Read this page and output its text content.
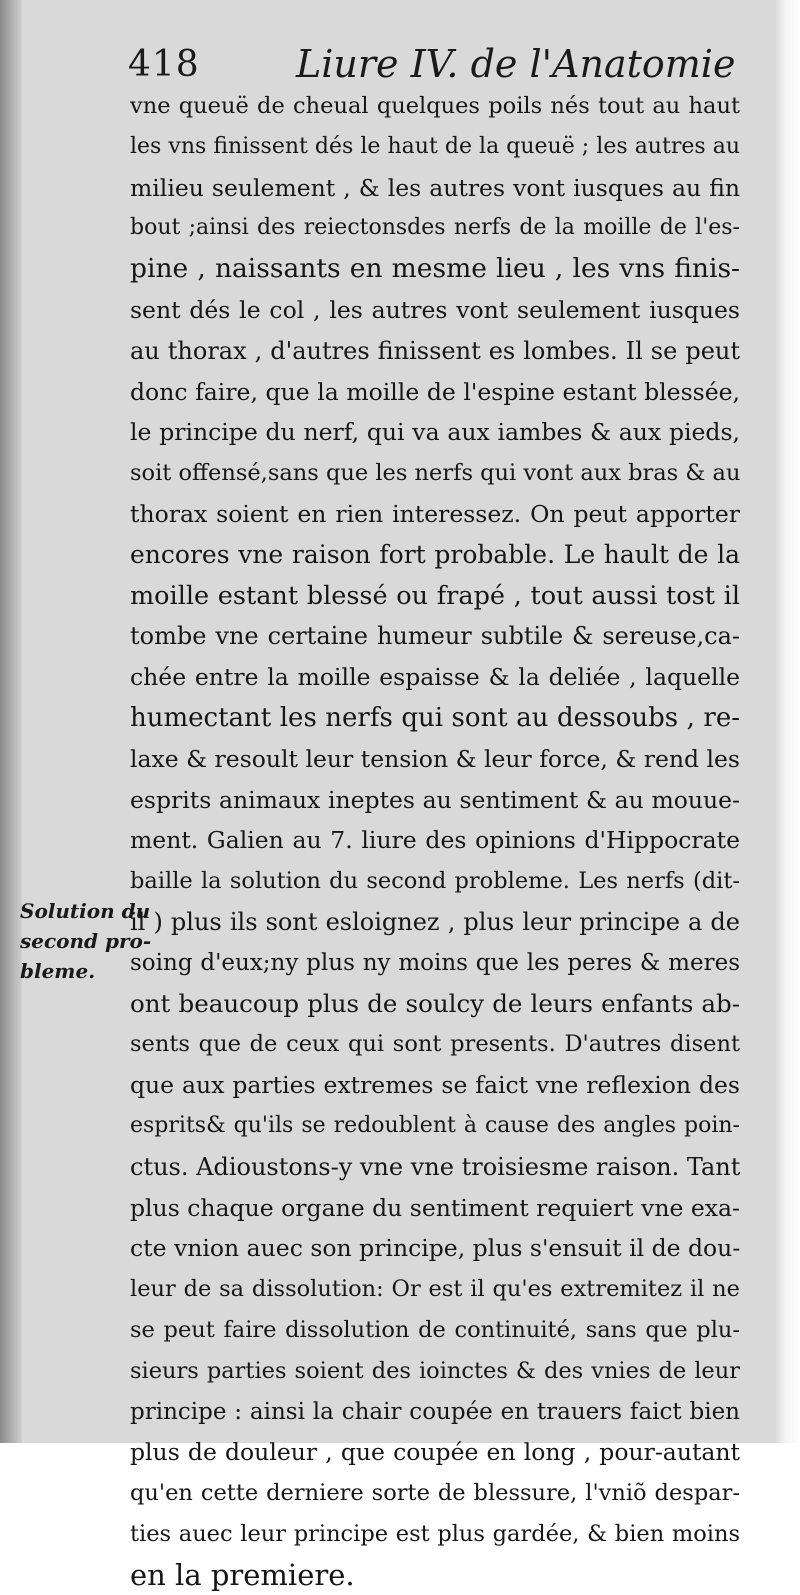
418	Liure IV. de l'Anatomie
Solution du
second pro-
bleme.
vne queuë de cheual quelques poils nés tout au haut
les vns finissent dés le haut de la queuë ; les autres au
milieu seulement , & les autres vont iusques au fin
bout ;ainsi des reiectonsdes nerfs de la moille de l'es-
pine , naissants en mesme lieu , les vns finis-
sent dés le col , les autres vont seulement iusques
au thorax , d'autres finissent es lombes. Il se peut
donc faire, que la moille de l'espine estant blessée,
le principe du nerf, qui va aux iambes & aux pieds,
soit offensé,sans que les nerfs qui vont aux bras & au
thorax soient en rien interessez. On peut apporter
encores vne raison fort probable. Le hault de la
moille estant blessé ou frapé , tout aussi tost il
tombe vne certaine humeur subtile & sereuse,ca-
chée entre la moille espaisse & la deliée , laquelle
humectant les nerfs qui sont au dessoubs , re-
laxe & resoult leur tension & leur force, & rend les
esprits animaux ineptes au sentiment & au mouue-
ment. Galien au 7. liure des opinions d'Hippocrate
baille la solution du second probleme. Les nerfs (dit-
il ) plus ils sont esloignez , plus leur principe a de
soing d'eux;ny plus ny moins que les peres & meres
ont beaucoup plus de soulcy de leurs enfants ab-
sents que de ceux qui sont presents. D'autres disent
que aux parties extremes se faict vne reflexion des
esprits& qu'ils se redoublent à cause des angles poin-
ctus. Adioustons-y vne vne troisiesme raison. Tant
plus chaque organe du sentiment requiert vne exa-
cte vnion auec son principe, plus s'ensuit il de dou-
leur de sa dissolution: Or est il qu'es extremitez il ne
se peut faire dissolution de continuité, sans que plu-
sieurs parties soient des ioinctes & des vnies de leur
principe : ainsi la chair coupée en trauers faict bien
plus de douleur , que coupée en long , pour-autant
qu'en cette derniere sorte de blessure, l'vniõ despar-
ties auec leur principe est plus gardée, & bien moins
en la premiere.
